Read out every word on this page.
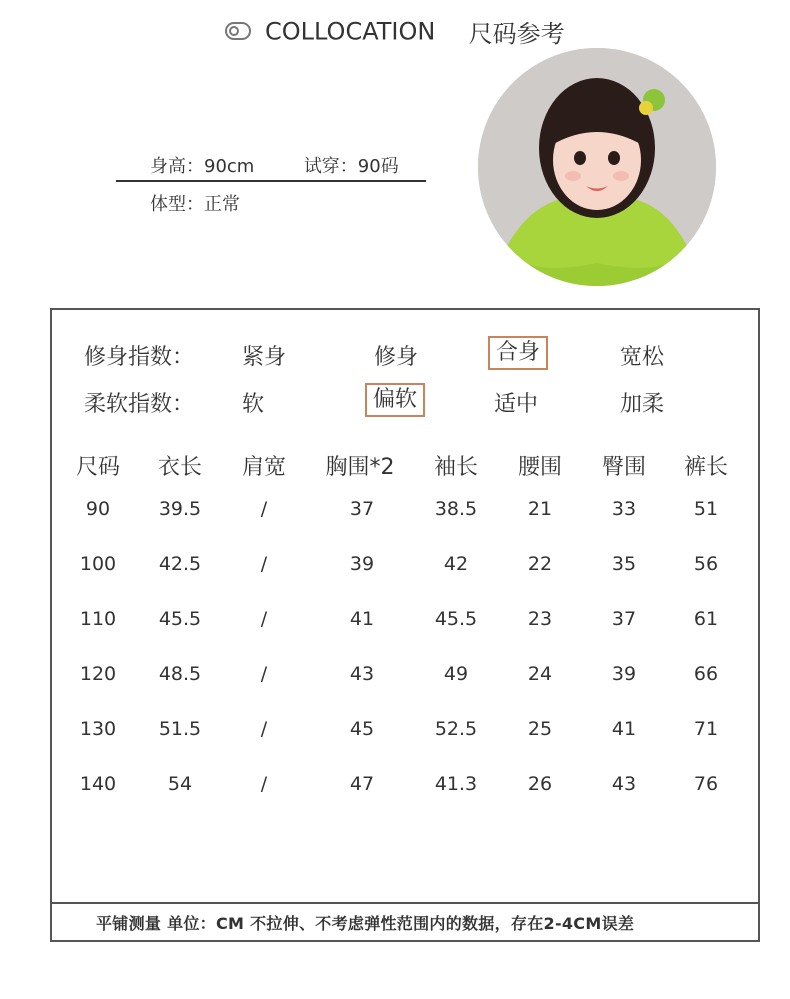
COLLOCATION 尺码参考
身高：90cm	试穿：90码
体型：正常
修身指数： 紧身	修身	合身	宽松
柔软指数： 软	偏软	适中	加柔
尺码 衣长 肩宽 胸围*2 袖长 腰围 臀围 裤长
90	39.5	/	37	38.5	21	33	51
100 42.5	/	39	42	22	35	56
110 45.5	/	41	45.5	23	37	61
120 48.5	/	43	49	24	39	66
130 51.5	/	45	52.5	25	41	71
140	54	/	47	41.3	26	43	76
平铺测量 单位：CM 不拉伸、不考虑弹性范围内的数据，存在2-4CM误差
